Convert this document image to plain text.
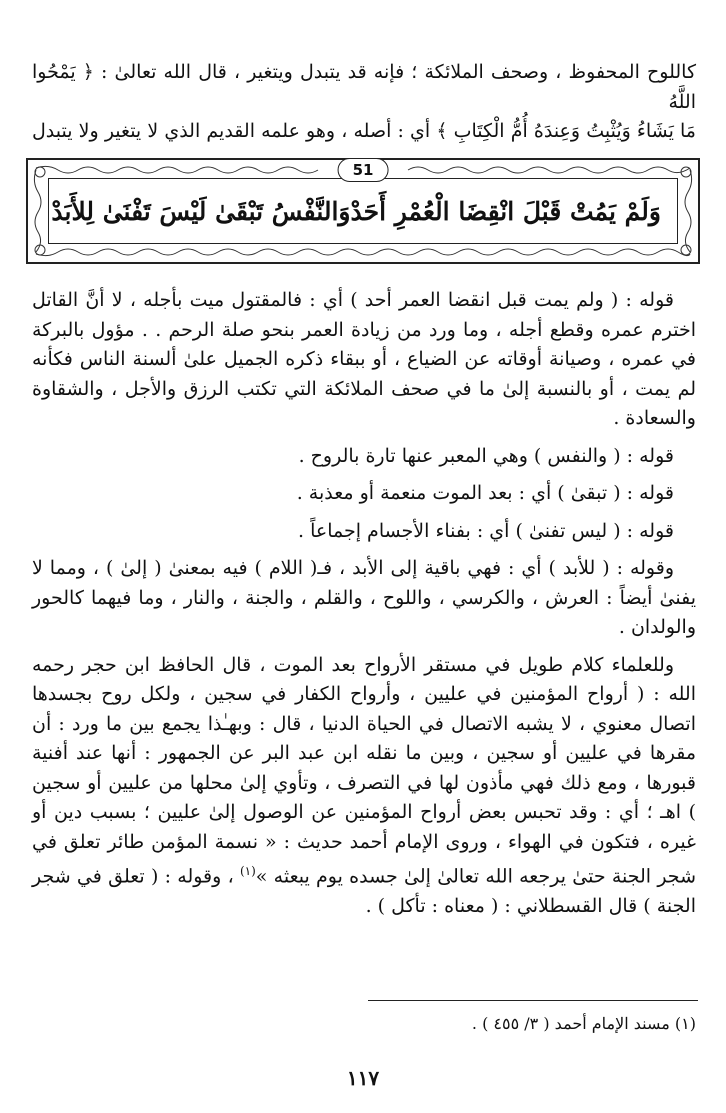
كاللوح المحفوظ ، وصحف الملائكة ؛ فإنه قد يتبدل ويتغير ، قال الله تعالىٰ : ﴿ يَمْحُوا اللَّهُ

مَا يَشَاءُ وَيُثْبِتُ وَعِندَهُ أُمُّ الْكِتَابِ ﴾ أي : أصله ، وهو علمه القديم الذي لا يتغير ولا يتبدل

وَلَمْ يَمُتْ قَبْلَ انْقِضَا الْعُمْرِ أَحَدْ
وَالنَّفْسُ تَبْقَىٰ لَيْسَ تَفْنَىٰ لِلأَبَدْ
51

قوله : ( ولم يمت قبل انقضا العمر أحد ) أي : فالمقتول ميت بأجله ، لا أنَّ القاتل اخترم عمره وقطع أجله ، وما ورد من زيادة العمر بنحو صلة الرحم . . مؤول بالبركة في عمره ، وصيانة أوقاته عن الضياع ، أو ببقاء ذكره الجميل علىٰ ألسنة الناس فكأنه لم يمت ، أو بالنسبة إلىٰ ما في صحف الملائكة التي تكتب الرزق والأجل ، والشقاوة والسعادة .

قوله : ( والنفس ) وهي المعبر عنها تارة بالروح .

قوله : ( تبقىٰ ) أي : بعد الموت منعمة أو معذبة .

قوله : ( ليس تفنىٰ ) أي : بفناء الأجسام إجماعاً .

وقوله : ( للأبد ) أي : فهي باقية إلى الأبد ، فـ( اللام ) فيه بمعنىٰ ( إلىٰ ) ، ومما لا يفنىٰ أيضاً : العرش ، والكرسي ، واللوح ، والقلم ، والجنة ، والنار ، وما فيهما كالحور والولدان .

وللعلماء كلام طويل في مستقر الأرواح بعد الموت ، قال الحافظ ابن حجر رحمه الله : ( أرواح المؤمنين في عليين ، وأرواح الكفار في سجين ، ولكل روح بجسدها اتصال معنوي ، لا يشبه الاتصال في الحياة الدنيا ، قال : وبهـٰذا يجمع بين ما ورد : أن مقرها في عليين أو سجين ، وبين ما نقله ابن عبد البر عن الجمهور : أنها عند أفنية قبورها ، ومع ذلك فهي مأذون لها في التصرف ، وتأوي إلىٰ محلها من عليين أو سجين ) اهـ ؛ أي : وقد تحبس بعض أرواح المؤمنين عن الوصول إلىٰ عليين ؛ بسبب دين أو غيره ، فتكون في الهواء ، وروى الإمام أحمد حديث : « نسمة المؤمن طائر تعلق في شجر الجنة حتىٰ يرجعه الله تعالىٰ إلىٰ جسده يوم يبعثه »$^{(١)}$ ، وقوله : ( تعلق في شجر الجنة ) قال القسطلاني : ( معناه : تأكل ) .

(١) مسند الإمام أحمد ( ٣/ ٤٥٥ ) .
١١٧
